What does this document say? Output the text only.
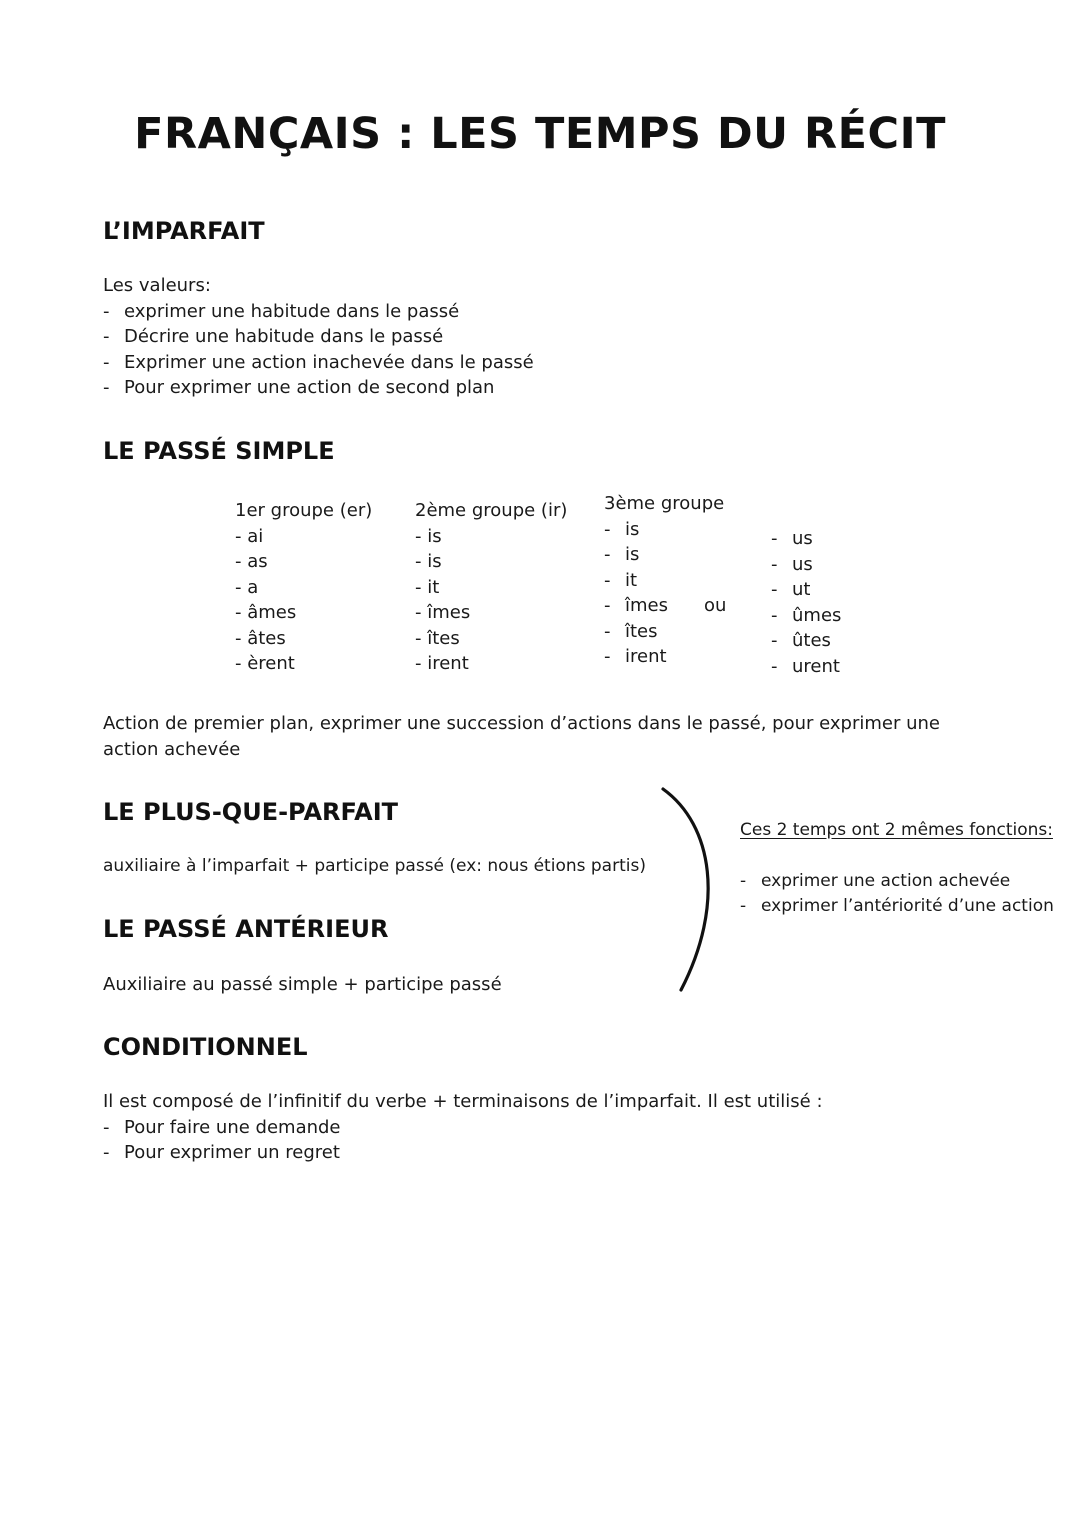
FRANÇAIS : LES TEMPS DU RÉCIT
L’IMPARFAIT
Les valeurs:
- exprimer une habitude dans le passé
- Décrire une habitude dans le passé
- Exprimer une action inachevée dans le passé
- Pour exprimer une action de second plan
LE PASSÉ SIMPLE
1er groupe (er)
- ai
- as
- a
- âmes
- âtes
- èrent
2ème groupe (ir)
- is
- is
- it
- îmes
- îtes
- irent
3ème groupe
- is
- is
- it
- îmes
- îtes
- irent
ou
- us
- us
- ut
- ûmes
- ûtes
- urent
Action de premier plan, exprimer une succession d’actions dans le passé, pour exprimer une action achevée
LE PLUS-QUE-PARFAIT
auxiliaire à l’imparfait + participe passé (ex: nous étions partis)
LE PASSÉ ANTÉRIEUR
Auxiliaire au passé simple + participe passé
Ces 2 temps ont 2 mêmes fonctions:
- exprimer une action achevée
- exprimer l’antériorité d’une action
CONDITIONNEL
Il est composé de l’infinitif du verbe + terminaisons de l’imparfait. Il est utilisé :
- Pour faire une demande
- Pour exprimer un regret
